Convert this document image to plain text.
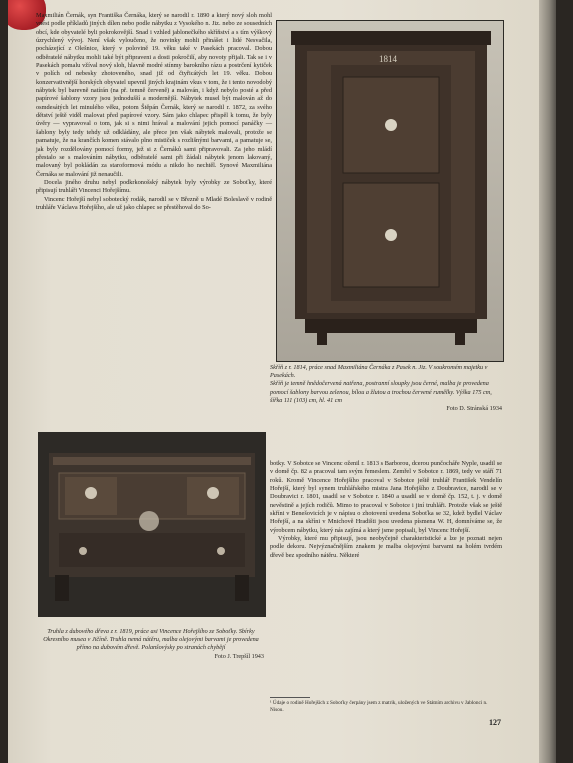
Maxmilián Černák, syn Františka Černáka, který se narodil r. 1890 a který nový sloh mohl vnést podle příkladů jiných dílen nebo podle nábytku z Vysokého n. Jiz. nebo ze sousedních obcí, kde obyvatelé byli pokrokovější. Snad i vzhled jablonečkého skříňství a s tím výškový úzrychlený vývoj. Není však vyloučeno, že novinky mohli přinášet i lidé Nesvačila, pocházející z Olešnice, který v polovině 19. věku také v Pasekách pracoval. Dobou odběratelé nábytku mohli také být připraveni a dosti pokročilí, aby novoty přijali. Tak se i v Pasekách pomalu vžíval nový sloh, hlavně modré stínmy barokního rázu a postrčení kytiček v polích od nebesky zhotoveného, snad již od čtyřicátých let 19. věku. Dobou konzervativnější horských obyvatel upevnil jiných krajinám vkus v tom, že i tento novodobý nábytek byl barevně natírán (na př. temně červeně) a malován, i když nebylo posté a před papírové šablony vzory jsou jednodušší a modernější. Nábytek musel být malován až do osmdesátých let minulého věku, potom Štěpán Černák, který se narodil r. 1872, za svého dětství ještě viděl malovat před papírové vzory. Sám jako chlapec přispěl k tomu, že byly úvěry — vypravoval o tom, jak si s nimi hrával a malování jejich pomocí panáčky — šablony byly tedy tehdy už odkládány, ale přece jen však nábytek malovali, protože se pamatuje, že na krančích komen stávalo plno mističek s rozlišnými barvami, a pamatuje se, jak byly rozdělovány pomocí formy, jež si z Černáků sami připravovali. Za jeho mládí přestalo se s malováním nábytku, odběratelé sami při žádali nábytek jenom lakovaný, malovaný byl pokládán za staroformová módu a nikdo ho nechtěl. Synové Maxmiliána Černáka se malování již nenaučili.

Docela jiného druhu nebyl podkrkonošský nábytek byly výrobky ze Soboťky, které připisují truhláři Vincenci Hořejšímu.

Vincenc Hořejší nebyl sobotecký rodák, narodil se v Březně u Mladé Boleslavě v rodině truhláře Václava Hořejšího, ale už jako chlapec se přestěhoval do So-

1814
Skříň z r. 1814, práce snad Maxmiliána Černáka z Pasek n. Jiz. V soukromém majetku v Pasekách.
Skříň je temně hnědočervená natřena, postranní sloupky jsou černé, malba je provedena pomocí šablony barvou zelenou, bílou a žlutou a trochou červené rumělky. Výška 175 cm, šířka 111 (103) cm, hl. 41 cm
Foto D. Stránská 1934
Truhla z dubového dřeva z r. 1819, práce asi Vincence Hořejšího ze Soboťky. Sbírky Okresního musea v Jičíně. Truhla nemá nátěru, malba olejovými barvami je provedena přímo na dubovém dřevě. Polanšovýsky po stranách chybějí
Foto J. Trepšíl 1943

botky. V Sobotce se Vincenc oženil r. 1813 s Barborou, dcerou punčocháře Nyple, usadil se v domě čp. 82 a pracoval tam svým řemeslem. Zemřel v Sobotce r. 1869, tedy ve stáří 71 roků. Kromě Vincence Hořejšího pracoval v Sobotce ještě truhlář František Vendelín Hořejší, který byl synem truhlářského mistra Jana Hořejšího z Doubravice, narodil se v Doubravici r. 1801, usadil se v Sobotce r. 1840 a usadil se v domě čp. 152, t. j. v domě nevěstině a jejích rodičů. Mimo to pracoval v Sobotce i jiní truhláři. Protože však se ještě skříni v Benešovicích je v nápisu o zhotovení uvedena Soboťka se 32, kdež bydlel Václav Hořejší, a na skříni v Mnichově Hradišti jsou uvedena písmena W. H, domníváme se, že výrobcem nábytku, který nás zajímá a který jsme popisali, byl Vincenc Hořejší.

Výrobky, které mu připisují, jsou neobyčejně charakteristické a lze je poznati nejen podle dekoru. Nejvýznačnějším znakem je malba olejovými barvami na holém tvrdém dřevě bez spodního nátěru. Některé

¹ Údaje o rodině Hořejších z Soboťky čerpány jsem z matrik, uložených ve Státním archivu v Jablonci n. Nisou.
127
